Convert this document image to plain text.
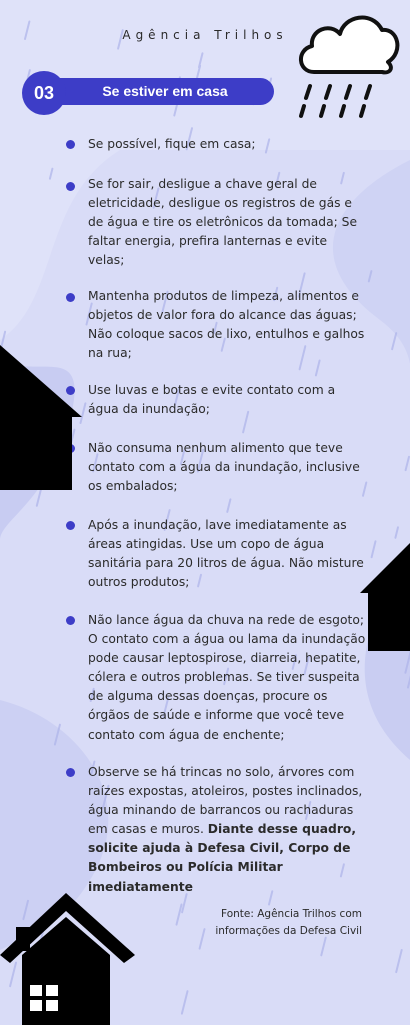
Agência Trilhos
03	Se estiver em casa
Se possível, fique em casa;
Se for sair, desligue a chave geral de eletricidade, desligue os registros de gás e de água e tire os eletrônicos da tomada; Se faltar energia, prefira lanternas e evite velas;
Mantenha produtos de limpeza, alimentos e objetos de valor fora do alcance das águas; Não coloque sacos de lixo, entulhos e galhos na rua;
Use luvas e botas e evite contato com a água da inundação;
Não consuma nenhum alimento que teve contato com a água da inundação, inclusive os embalados;
Após a inundação, lave imediatamente as áreas atingidas. Use um copo de água sanitária para 20 litros de água. Não misture outros produtos;
Não lance água da chuva na rede de esgoto; O contato com a água ou lama da inundação pode causar leptospirose, diarreia, hepatite, cólera e outros problemas. Se tiver suspeita de alguma dessas doenças, procure os órgãos de saúde e informe que você teve contato com água de enchente;
Observe se há trincas no solo, árvores com raízes expostas, atoleiros, postes inclinados, água minando de barrancos ou rachaduras em casas e muros. Diante desse quadro, solicite ajuda à Defesa Civil, Corpo de Bombeiros ou Polícia Militar imediatamente
Fonte: Agência Trilhos com informações da Defesa Civil
